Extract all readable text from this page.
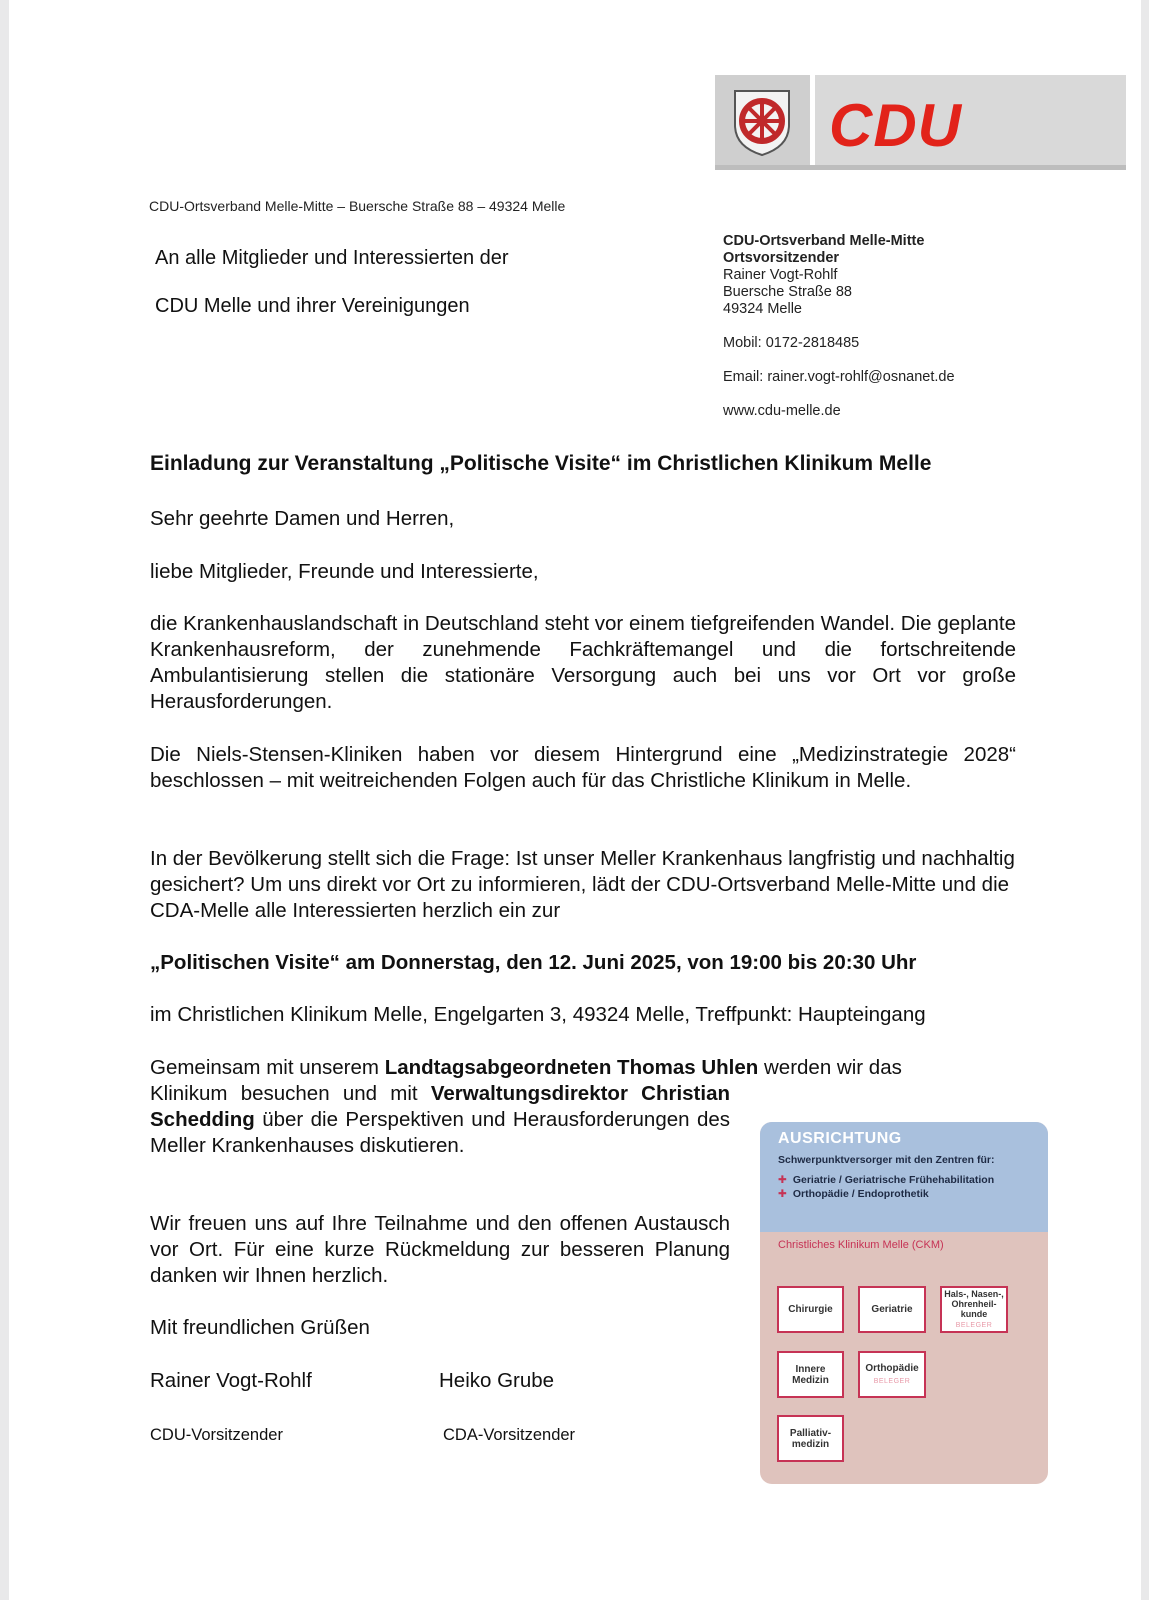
CDU
CDU-Ortsverband Melle-Mitte – Buersche Straße 88 – 49324 Melle
An alle Mitglieder und Interessierten der
CDU Melle und ihrer Vereinigungen
CDU-Ortsverband Melle-Mitte
Ortsvorsitzender
Rainer Vogt-Rohlf
Buersche Straße 88
49324 Melle
Mobil: 0172-2818485
Email: rainer.vogt-rohlf@osnanet.de
www.cdu-melle.de
Einladung zur Veranstaltung „Politische Visite“ im Christlichen Klinikum Melle
Sehr geehrte Damen und Herren,
liebe Mitglieder, Freunde und Interessierte,
die Krankenhauslandschaft in Deutschland steht vor einem tiefgreifenden Wandel. Die geplante Krankenhausreform, der zunehmende Fachkräftemangel und die fortschreitende Ambulantisierung stellen die stationäre Versorgung auch bei uns vor Ort vor große Herausforderungen.
Die Niels-Stensen-Kliniken haben vor diesem Hintergrund eine „Medizinstrategie 2028“ beschlossen – mit weitreichenden Folgen auch für das Christliche Klinikum in Melle.
In der Bevölkerung stellt sich die Frage: Ist unser Meller Krankenhaus langfristig und nachhaltig gesichert? Um uns direkt vor Ort zu informieren, lädt der CDU-Ortsverband Melle-Mitte und die CDA-Melle alle Interessierten herzlich ein zur
„Politischen Visite“ am Donnerstag, den 12. Juni 2025, von 19:00 bis 20:30 Uhr
im Christlichen Klinikum Melle, Engelgarten 3, 49324 Melle, Treffpunkt: Haupteingang
Gemeinsam mit unserem Landtagsabgeordneten Thomas Uhlen werden wir das
Klinikum besuchen und mit Verwaltungsdirektor Christian Schedding über die Perspektiven und Herausforderungen des Meller Krankenhauses diskutieren.
Wir freuen uns auf Ihre Teilnahme und den offenen Austausch vor Ort. Für eine kurze Rückmeldung zur besseren Planung danken wir Ihnen herzlich.
Mit freundlichen Grüßen
Rainer Vogt-Rohlf	Heiko Grube
CDU-Vorsitzender	CDA-Vorsitzender
AUSRICHTUNG
Schwerpunktversorger mit den Zentren für:
✚ Geriatrie / Geriatrische Frühehabilitation
✚ Orthopädie / Endoprothetik
Christliches Klinikum Melle (CKM)
Chirurgie	Geriatrie
Hals-, Nasen-, Ohrenheil-kunde
BELEGER
Innere Medizin
Orthopädie
BELEGER
Palliativ-medizin
